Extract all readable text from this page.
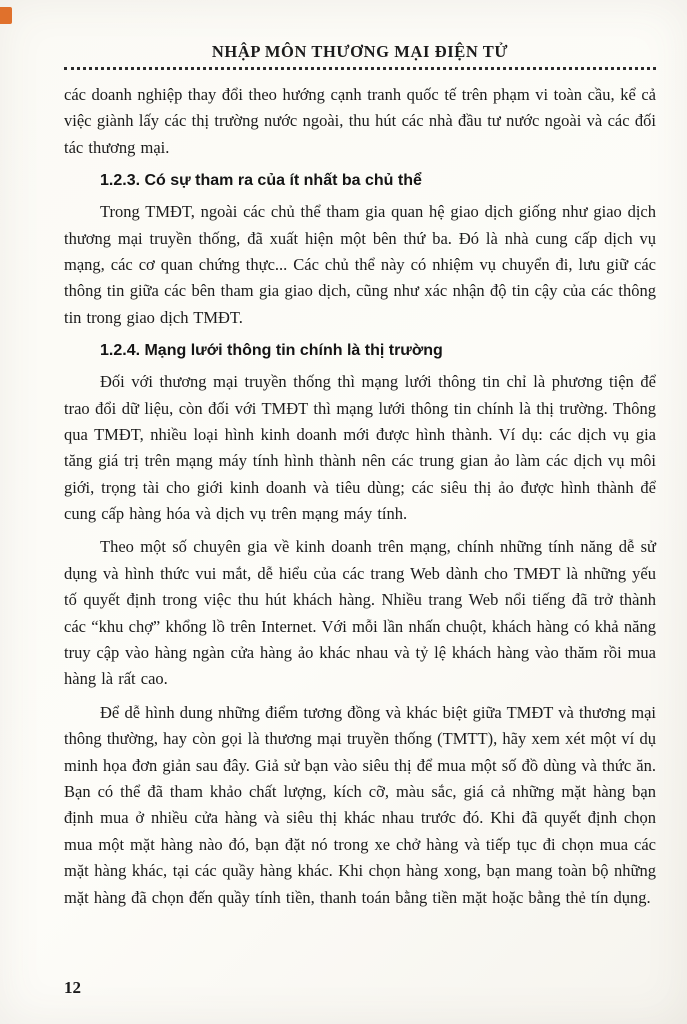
NHẬP MÔN THƯƠNG MẠI ĐIỆN TỬ

các doanh nghiệp thay đổi theo hướng cạnh tranh quốc tế trên phạm vi toàn cầu, kể cả việc giành lấy các thị trường nước ngoài, thu hút các nhà đầu tư nước ngoài và các đối tác thương mại.

1.2.3. Có sự tham ra của ít nhất ba chủ thể

Trong TMĐT, ngoài các chủ thể tham gia quan hệ giao dịch giống như giao dịch thương mại truyền thống, đã xuất hiện một bên thứ ba. Đó là nhà cung cấp dịch vụ mạng, các cơ quan chứng thực... Các chủ thể này có nhiệm vụ chuyển đi, lưu giữ các thông tin giữa các bên tham gia giao dịch, cũng như xác nhận độ tin cậy của các thông tin trong giao dịch TMĐT.

1.2.4. Mạng lưới thông tin chính là thị trường

Đối với thương mại truyền thống thì mạng lưới thông tin chỉ là phương tiện để trao đổi dữ liệu, còn đối với TMĐT thì mạng lưới thông tin chính là thị trường. Thông qua TMĐT, nhiều loại hình kinh doanh mới được hình thành. Ví dụ: các dịch vụ gia tăng giá trị trên mạng máy tính hình thành nên các trung gian ảo làm các dịch vụ môi giới, trọng tài cho giới kinh doanh và tiêu dùng; các siêu thị ảo được hình thành để cung cấp hàng hóa và dịch vụ trên mạng máy tính.

Theo một số chuyên gia về kinh doanh trên mạng, chính những tính năng dễ sử dụng và hình thức vui mắt, dễ hiểu của các trang Web dành cho TMĐT là những yếu tố quyết định trong việc thu hút khách hàng. Nhiều trang Web nổi tiếng đã trở thành các “khu chợ” khổng lồ trên Internet. Với mỗi lần nhấn chuột, khách hàng có khả năng truy cập vào hàng ngàn cửa hàng ảo khác nhau và tỷ lệ khách hàng vào thăm rồi mua hàng là rất cao.

Để dễ hình dung những điểm tương đồng và khác biệt giữa TMĐT và thương mại thông thường, hay còn gọi là thương mại truyền thống (TMTT), hãy xem xét một ví dụ minh họa đơn giản sau đây. Giả sử bạn vào siêu thị để mua một số đồ dùng và thức ăn. Bạn có thể đã tham khảo chất lượng, kích cỡ, màu sắc, giá cả những mặt hàng bạn định mua ở nhiều cửa hàng và siêu thị khác nhau trước đó. Khi đã quyết định chọn mua một mặt hàng nào đó, bạn đặt nó trong xe chở hàng và tiếp tục đi chọn mua các mặt hàng khác, tại các quầy hàng khác. Khi chọn hàng xong, bạn mang toàn bộ những mặt hàng đã chọn đến quầy tính tiền, thanh toán bằng tiền mặt hoặc bằng thẻ tín dụng.

12
